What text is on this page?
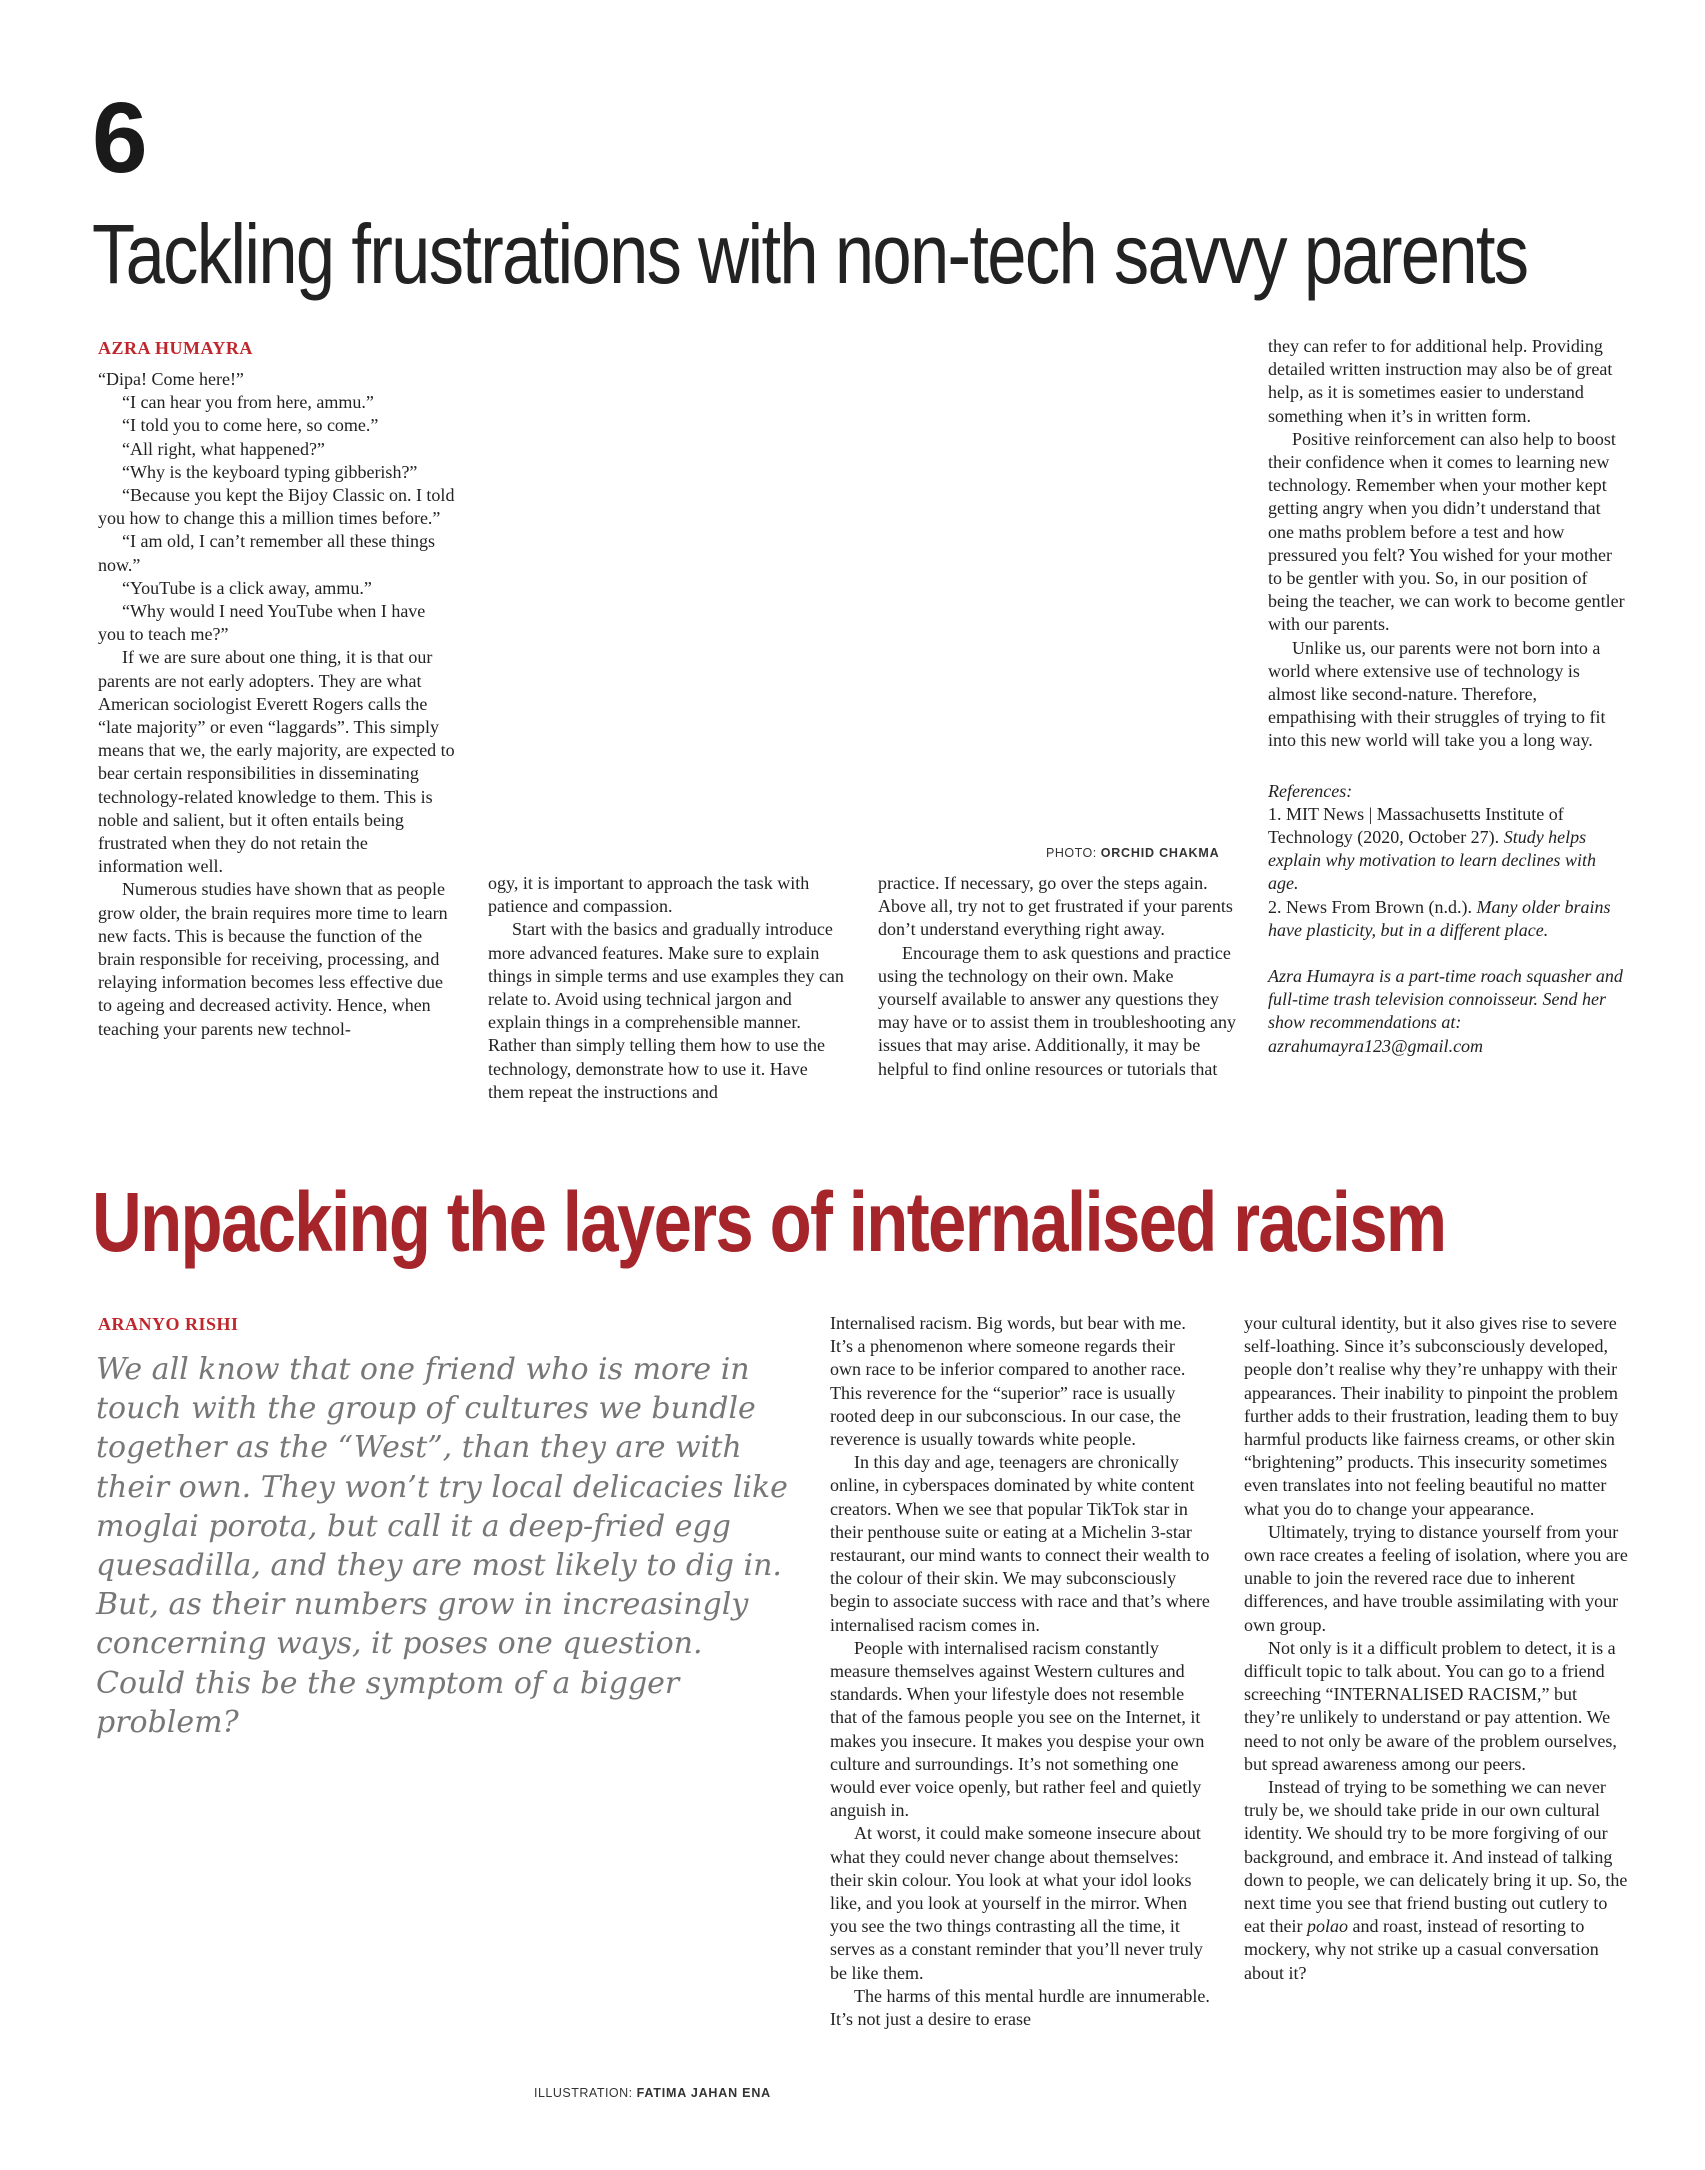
6
Tackling frustrations with non-tech savvy parents
AZRA HUMAYRA

“Dipa! Come here!”

“I can hear you from here, ammu.”

“I told you to come here, so come.”

“All right, what happened?”

“Why is the keyboard typing gibberish?”

“Because you kept the Bijoy Classic on. I told you how to change this a million times before.”

“I am old, I can’t remember all these things now.”

“YouTube is a click away, ammu.”

“Why would I need YouTube when I have you to teach me?”

If we are sure about one thing, it is that our parents are not early adopters. They are what American sociologist Everett Rogers calls the “late majority” or even “laggards”. This simply means that we, the early majority, are expected to bear certain responsibilities in disseminating technology-related knowledge to them. This is noble and salient, but it often entails being frustrated when they do not retain the information well.

Numerous studies have shown that as people grow older, the brain requires more time to learn new facts. This is because the function of the brain responsible for receiving, processing, and relaying information becomes less effective due to ageing and decreased activity. Hence, when teaching your parents new technol-

PHOTO: ORCHID CHAKMA

ogy, it is important to approach the task with patience and compassion.

Start with the basics and gradually introduce more advanced features. Make sure to explain things in simple terms and use examples they can relate to. Avoid using technical jargon and explain things in a comprehensible manner. Rather than simply telling them how to use the technology, demonstrate how to use it. Have them repeat the instructions and

practice. If necessary, go over the steps again. Above all, try not to get frustrated if your parents don’t understand everything right away.

Encourage them to ask questions and practice using the technology on their own. Make yourself available to answer any questions they may have or to assist them in troubleshooting any issues that may arise. Additionally, it may be helpful to find online resources or tutorials that

they can refer to for additional help. Providing detailed written instruction may also be of great help, as it is sometimes easier to understand something when it’s in written form.

Positive reinforcement can also help to boost their confidence when it comes to learning new technology. Remember when your mother kept getting angry when you didn’t understand that one maths problem before a test and how pressured you felt? You wished for your mother to be gentler with you. So, in our position of being the teacher, we can work to become gentler with our parents.

Unlike us, our parents were not born into a world where extensive use of technology is almost like second-nature. Therefore, empathising with their struggles of trying to fit into this new world will take you a long way.

References:

1. MIT News | Massachusetts Institute of Technology (2020, October 27). Study helps explain why motivation to learn declines with age.

2. News From Brown (n.d.). Many older brains have plasticity, but in a different place.

Azra Humayra is a part-time roach squasher and full-time trash television connoisseur. Send her show recommendations at: azrahumayra123@gmail.com

Unpacking the layers of internalised racism
ARANYO RISHI
We all know that one friend who is more in touch with the group of cultures we bundle together as the “West”, than they are with their own. They won’t try local delicacies like moglai porota, but call it a deep-fried egg quesadilla, and they are most likely to dig in. But, as their numbers grow in increasingly concerning ways, it poses one question. Could this be the symptom of a bigger problem?
ILLUSTRATION: FATIMA JAHAN ENA

Internalised racism. Big words, but bear with me. It’s a phenomenon where someone regards their own race to be inferior compared to another race. This reverence for the “superior” race is usually rooted deep in our subconscious. In our case, the reverence is usually towards white people.

In this day and age, teenagers are chronically online, in cyberspaces dominated by white content creators. When we see that popular TikTok star in their penthouse suite or eating at a Michelin 3-star restaurant, our mind wants to connect their wealth to the colour of their skin. We may subconsciously begin to associate success with race and that’s where internalised racism comes in.

People with internalised racism constantly measure themselves against Western cultures and standards. When your lifestyle does not resemble that of the famous people you see on the Internet, it makes you insecure. It makes you despise your own culture and surroundings. It’s not something one would ever voice openly, but rather feel and quietly anguish in.

At worst, it could make someone insecure about what they could never change about themselves: their skin colour. You look at what your idol looks like, and you look at yourself in the mirror. When you see the two things contrasting all the time, it serves as a constant reminder that you’ll never truly be like them.

The harms of this mental hurdle are innumerable. It’s not just a desire to erase

your cultural identity, but it also gives rise to severe self-loathing. Since it’s subconsciously developed, people don’t realise why they’re unhappy with their appearances. Their inability to pinpoint the problem further adds to their frustration, leading them to buy harmful products like fairness creams, or other skin “brightening” products. This insecurity sometimes even translates into not feeling beautiful no matter what you do to change your appearance.

Ultimately, trying to distance yourself from your own race creates a feeling of isolation, where you are unable to join the revered race due to inherent differences, and have trouble assimilating with your own group.

Not only is it a difficult problem to detect, it is a difficult topic to talk about. You can go to a friend screeching “INTERNALISED RACISM,” but they’re unlikely to understand or pay attention. We need to not only be aware of the problem ourselves, but spread awareness among our peers.

Instead of trying to be something we can never truly be, we should take pride in our own cultural identity. We should try to be more forgiving of our background, and embrace it. And instead of talking down to people, we can delicately bring it up. So, the next time you see that friend busting out cutlery to eat their polao and roast, instead of resorting to mockery, why not strike up a casual conversation about it?
